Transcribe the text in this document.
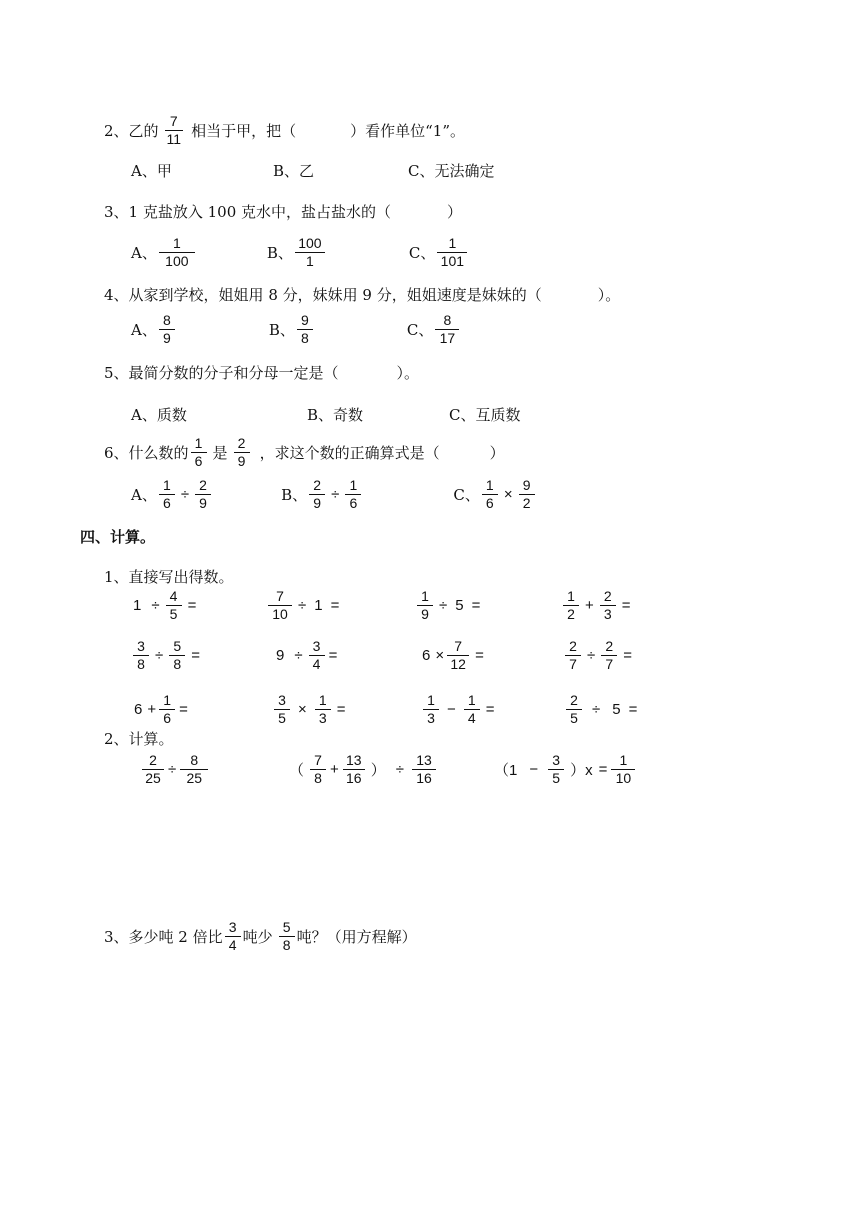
2、乙的 $\frac{7}{11}$ 相当于甲，把（	）看作单位“1”。
A、甲	B、乙	C、无法确定
3、1 克盐放入 100 克水中，盐占盐水的（	）
A、 $\frac{1}{100}$	B、 $\frac{100}{1}$	C、 $\frac{1}{101}$
4、从家到学校，姐姐用 8 分，妹妹用 9 分，姐姐速度是妹妹的（	）。
A、 $\frac{8}{9}$	B、 $\frac{9}{8}$	C、 $\frac{8}{17}$
5、最简分数的分子和分母一定是（	）。
A、质数	B、奇数	C、互质数
6、什么数的 $\frac{1}{6}$ 是 $\frac{2}{9}$ ，求这个数的正确算式是（	）
A、 $\frac{1}{6} \div \frac{2}{9}$	B、 $\frac{2}{9} \div \frac{1}{6}$	C、 $\frac{1}{6} \times \frac{9}{2}$
四、计算。
1、直接写出得数。
$1 \div \frac{4}{5}$ =	$\frac{7}{10} \div 1$ =	$\frac{1}{9} \div 5$ =	$\frac{1}{2} + \frac{2}{3}$ =
$\frac{3}{8} \div \frac{5}{8}$ =	$9 \div \frac{3}{4}$ =	$6 \times \frac{7}{12}$ =	$\frac{2}{7} \div \frac{2}{7}$ =
$6 + \frac{1}{6}$ =	$\frac{3}{5} \times \frac{1}{3}$ =	$\frac{1}{3} - \frac{1}{4}$ =	$\frac{2}{5} \div 5$ =
2、计算。
$\frac{2}{25} \div \frac{8}{25}$	（ $\frac{7}{8} + \frac{13}{16}$ ） ÷ $\frac{13}{16}$	$(1 - \frac{3}{5} )x = \frac{1}{10}$
3、多少吨 2 倍比 $\frac{3}{4}$ 吨少 $\frac{5}{8}$ 吨？（用方程解）
